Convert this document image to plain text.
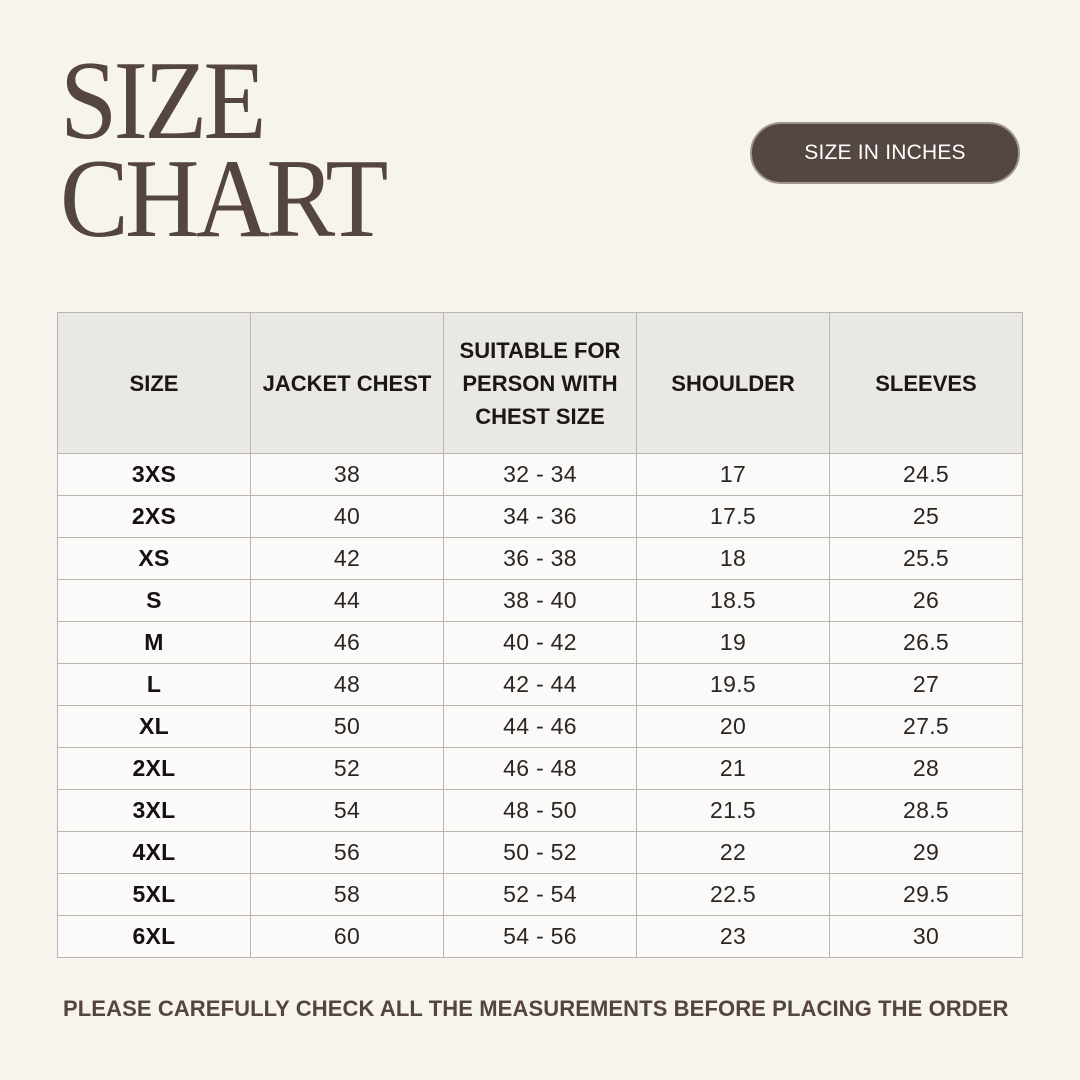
SIZE
CHART	SIZE IN INCHES
SIZE	JACKET CHEST	SUITABLE FOR PERSON WITH CHEST SIZE	SHOULDER	SLEEVES
3XS	38	32 - 34	17	24.5
2XS	40	34 - 36	17.5	25
XS	42	36 - 38	18	25.5
S	44	38 - 40	18.5	26
M	46	40 - 42	19	26.5
L	48	42 - 44	19.5	27
XL	50	44 - 46	20	27.5
2XL	52	46 - 48	21	28
3XL	54	48 - 50	21.5	28.5
4XL	56	50 - 52	22	29
5XL	58	52 - 54	22.5	29.5
6XL	60	54 - 56	23	30

PLEASE CAREFULLY CHECK ALL THE MEASUREMENTS BEFORE PLACING THE ORDER
